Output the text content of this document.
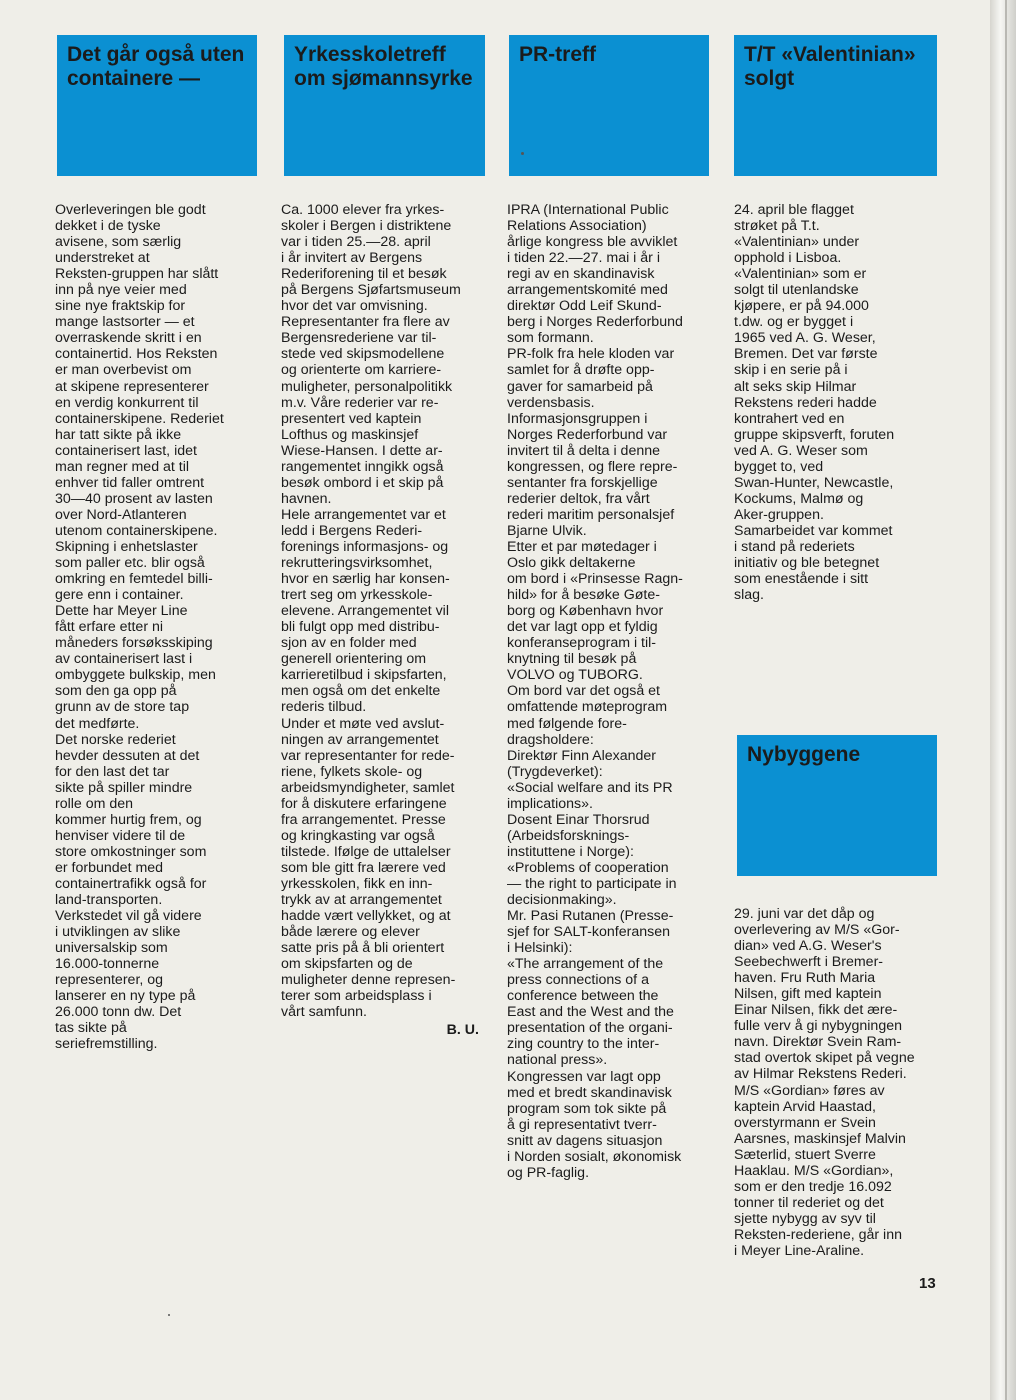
Det går også uten
containere —
Overleveringen ble godt
dekket i de tyske
avisene, som særlig
understreket at
Reksten-gruppen har slått
inn på nye veier med
sine nye fraktskip for
mange lastsorter — et
overraskende skritt i en
containertid. Hos Reksten
er man overbevist om
at skipene representerer
en verdig konkurrent til
containerskipene. Rederiet
har tatt sikte på ikke
containerisert last, idet
man regner med at til
enhver tid faller omtrent
30—40 prosent av lasten
over Nord-Atlanteren
utenom containerskipene.
Skipning i enhetslaster
som paller etc. blir også
omkring en femtedel billi-
gere enn i container.
Dette har Meyer Line
fått erfare etter ni
måneders forsøksskiping
av containerisert last i
ombyggete bulkskip, men
som den ga opp på
grunn av de store tap
det medførte.
Det norske rederiet
hevder dessuten at det
for den last det tar
sikte på spiller mindre
rolle om den
kommer hurtig frem, og
henviser videre til de
store omkostninger som
er forbundet med
containertrafikk også for
land-transporten.
Verkstedet vil gå videre
i utviklingen av slike
universalskip som
16.000-tonnerne
representerer, og
lanserer en ny type på
26.000 tonn dw. Det
tas sikte på
seriefremstilling.
Yrkesskoletreff
om sjømannsyrke
Ca. 1000 elever fra yrkes-
skoler i Bergen i distriktene
var i tiden 25.—28. april
i år invitert av Bergens
Rederiforening til et besøk
på Bergens Sjøfartsmuseum
hvor det var omvisning.
Representanter fra flere av
Bergensrederiene var til-
stede ved skipsmodellene
og orienterte om karriere-
muligheter, personalpolitikk
m.v. Våre rederier var re-
presentert ved kaptein
Lofthus og maskinsjef
Wiese-Hansen. I dette ar-
rangementet inngikk også
besøk ombord i et skip på
havnen.
Hele arrangementet var et
ledd i Bergens Rederi-
forenings informasjons- og
rekrutteringsvirksomhet,
hvor en særlig har konsen-
trert seg om yrkesskole-
elevene. Arrangementet vil
bli fulgt opp med distribu-
sjon av en folder med
generell orientering om
karrieretilbud i skipsfarten,
men også om det enkelte
rederis tilbud.
Under et møte ved avslut-
ningen av arrangementet
var representanter for rede-
riene, fylkets skole- og
arbeidsmyndigheter, samlet
for å diskutere erfaringene
fra arrangementet. Presse
og kringkasting var også
tilstede. Ifølge de uttalelser
som ble gitt fra lærere ved
yrkesskolen, fikk en inn-
trykk av at arrangementet
hadde vært vellykket, og at
både lærere og elever
satte pris på å bli orientert
om skipsfarten og de
muligheter denne represen-
terer som arbeidsplass i
vårt samfunn.
B. U.
PR-treff
IPRA (International Public
Relations Association)
årlige kongress ble avviklet
i tiden 22.—27. mai i år i
regi av en skandinavisk
arrangementskomité med
direktør Odd Leif Skund-
berg i Norges Rederforbund
som formann.
PR-folk fra hele kloden var
samlet for å drøfte opp-
gaver for samarbeid på
verdensbasis.
Informasjonsgruppen i
Norges Rederforbund var
invitert til å delta i denne
kongressen, og flere repre-
sentanter fra forskjellige
rederier deltok, fra vårt
rederi maritim personalsjef
Bjarne Ulvik.
Etter et par møtedager i
Oslo gikk deltakerne
om bord i «Prinsesse Ragn-
hild» for å besøke Gøte-
borg og København hvor
det var lagt opp et fyldig
konferanseprogram i til-
knytning til besøk på
VOLVO og TUBORG.
Om bord var det også et
omfattende møteprogram
med følgende fore-
dragsholdere:
Direktør Finn Alexander
(Trygdeverket):
«Social welfare and its PR
implications».
Dosent Einar Thorsrud
(Arbeidsforsknings-
instituttene i Norge):
«Problems of cooperation
— the right to participate in
decisionmaking».
Mr. Pasi Rutanen (Presse-
sjef for SALT-konferansen
i Helsinki):
«The arrangement of the
press connections of a
conference between the
East and the West and the
presentation of the organi-
zing country to the inter-
national press».
Kongressen var lagt opp
med et bredt skandinavisk
program som tok sikte på
å gi representativt tverr-
snitt av dagens situasjon
i Norden sosialt, økonomisk
og PR-faglig.
T/T «Valentinian»
solgt
24. april ble flagget
strøket på T.t.
«Valentinian» under
opphold i Lisboa.
«Valentinian» som er
solgt til utenlandske
kjøpere, er på 94.000
t.dw. og er bygget i
1965 ved A. G. Weser,
Bremen. Det var første
skip i en serie på i
alt seks skip Hilmar
Rekstens rederi hadde
kontrahert ved en
gruppe skipsverft, foruten
ved A. G. Weser som
bygget to, ved
Swan-Hunter, Newcastle,
Kockums, Malmø og
Aker-gruppen.
Samarbeidet var kommet
i stand på rederiets
initiativ og ble betegnet
som enestående i sitt
slag.
Nybyggene
29. juni var det dåp og
overlevering av M/S «Gor-
dian» ved A.G. Weser's
Seebechwerft i Bremer-
haven. Fru Ruth Maria
Nilsen, gift med kaptein
Einar Nilsen, fikk det ære-
fulle verv å gi nybygningen
navn. Direktør Svein Ram-
stad overtok skipet på vegne
av Hilmar Rekstens Rederi.
M/S «Gordian» føres av
kaptein Arvid Haastad,
overstyrmann er Svein
Aarsnes, maskinsjef Malvin
Sæterlid, stuert Sverre
Haaklau. M/S «Gordian»,
som er den tredje 16.092
tonner til rederiet og det
sjette nybygg av syv til
Reksten-rederiene, går inn
i Meyer Line-Araline.
13
